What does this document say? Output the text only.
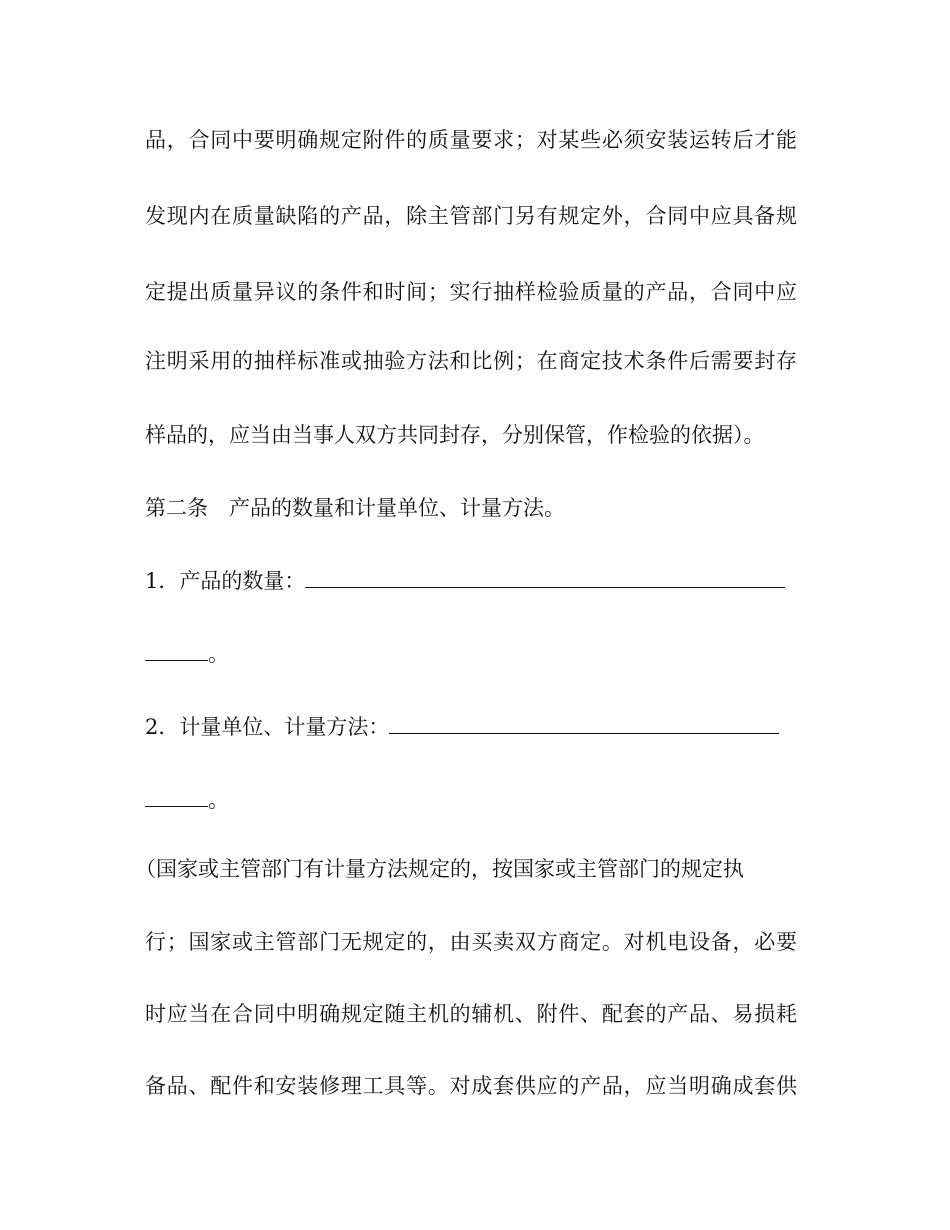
品，合同中要明确规定附件的质量要求；对某些必须安装运转后才能
发现内在质量缺陷的产品，除主管部门另有规定外，合同中应具备规
定提出质量异议的条件和时间；实行抽样检验质量的产品，合同中应
注明采用的抽样标准或抽验方法和比例；在商定技术条件后需要封存
样品的，应当由当事人双方共同封存，分别保管，作检验的依据）。
第二条　产品的数量和计量单位、计量方法。
1．产品的数量：
。
2．计量单位、计量方法：
。
（国家或主管部门有计量方法规定的，按国家或主管部门的规定执
行；国家或主管部门无规定的，由买卖双方商定。对机电设备，必要
时应当在合同中明确规定随主机的辅机、附件、配套的产品、易损耗
备品、配件和安装修理工具等。对成套供应的产品，应当明确成套供
